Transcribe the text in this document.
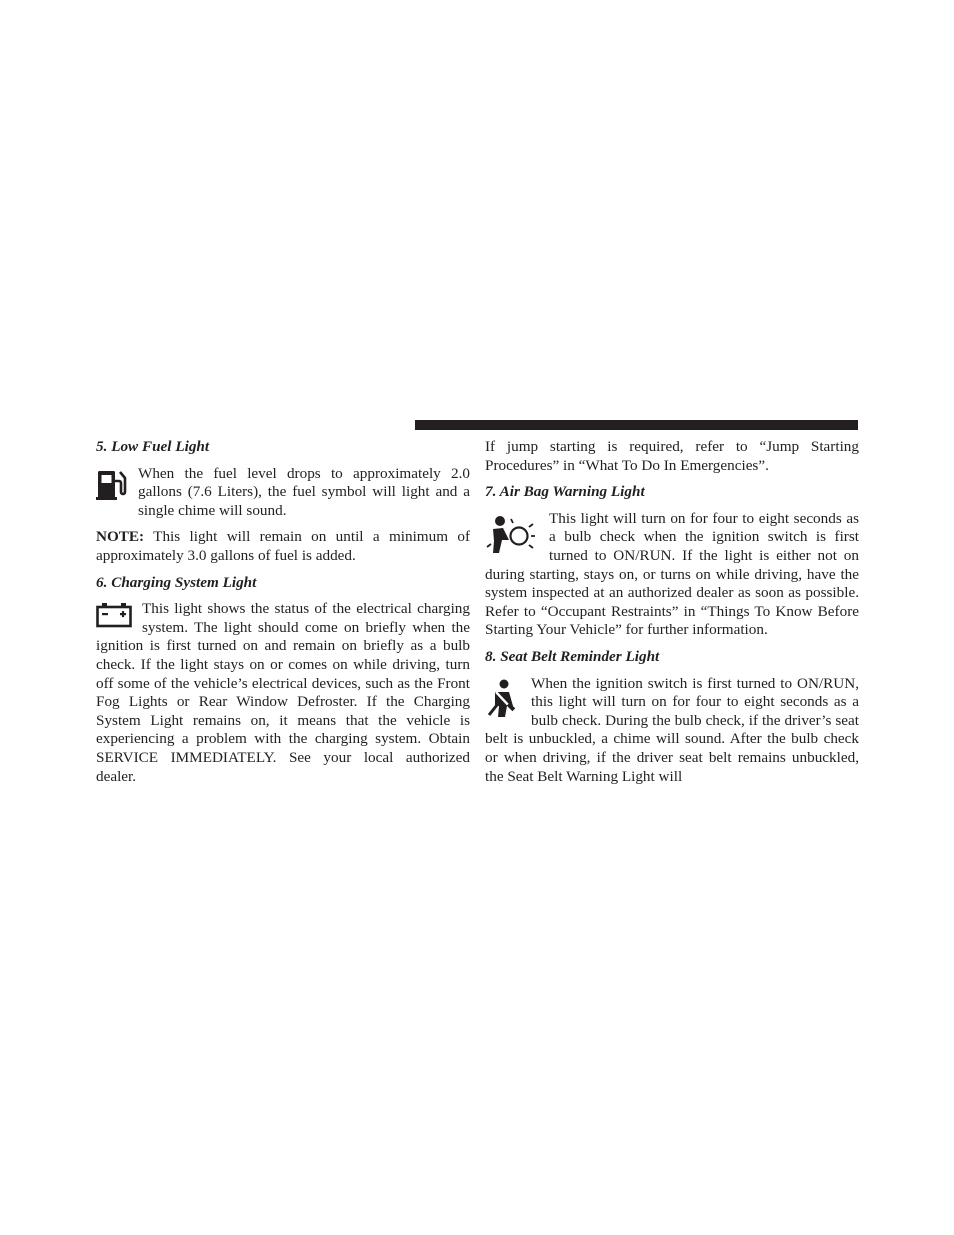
5. Low Fuel Light

When the fuel level drops to approximately 2.0 gallons (7.6 Liters), the fuel symbol will light and a single chime will sound.

NOTE: This light will remain on until a minimum of approximately 3.0 gallons of fuel is added.

6. Charging System Light

This light shows the status of the electrical charging system. The light should come on briefly when the ignition is first turned on and remain on briefly as a bulb check. If the light stays on or comes on while driving, turn off some of the vehicle’s electrical devices, such as the Front Fog Lights or Rear Window Defroster. If the Charging System Light remains on, it means that the vehicle is experiencing a problem with the charging system. Obtain SERVICE IMMEDIATELY. See your local authorized dealer.

If jump starting is required, refer to “Jump Starting Procedures” in “What To Do In Emergencies”.

7. Air Bag Warning Light

This light will turn on for four to eight seconds as a bulb check when the ignition switch is first turned to ON/RUN. If the light is either not on during starting, stays on, or turns on while driving, have the system inspected at an authorized dealer as soon as possible. Refer to “Occupant Restraints” in “Things To Know Before Starting Your Vehicle” for further information.

8. Seat Belt Reminder Light

When the ignition switch is first turned to ON/RUN, this light will turn on for four to eight seconds as a bulb check. During the bulb check, if the driver’s seat belt is unbuckled, a chime will sound. After the bulb check or when driving, if the driver seat belt remains unbuckled, the Seat Belt Warning Light will
